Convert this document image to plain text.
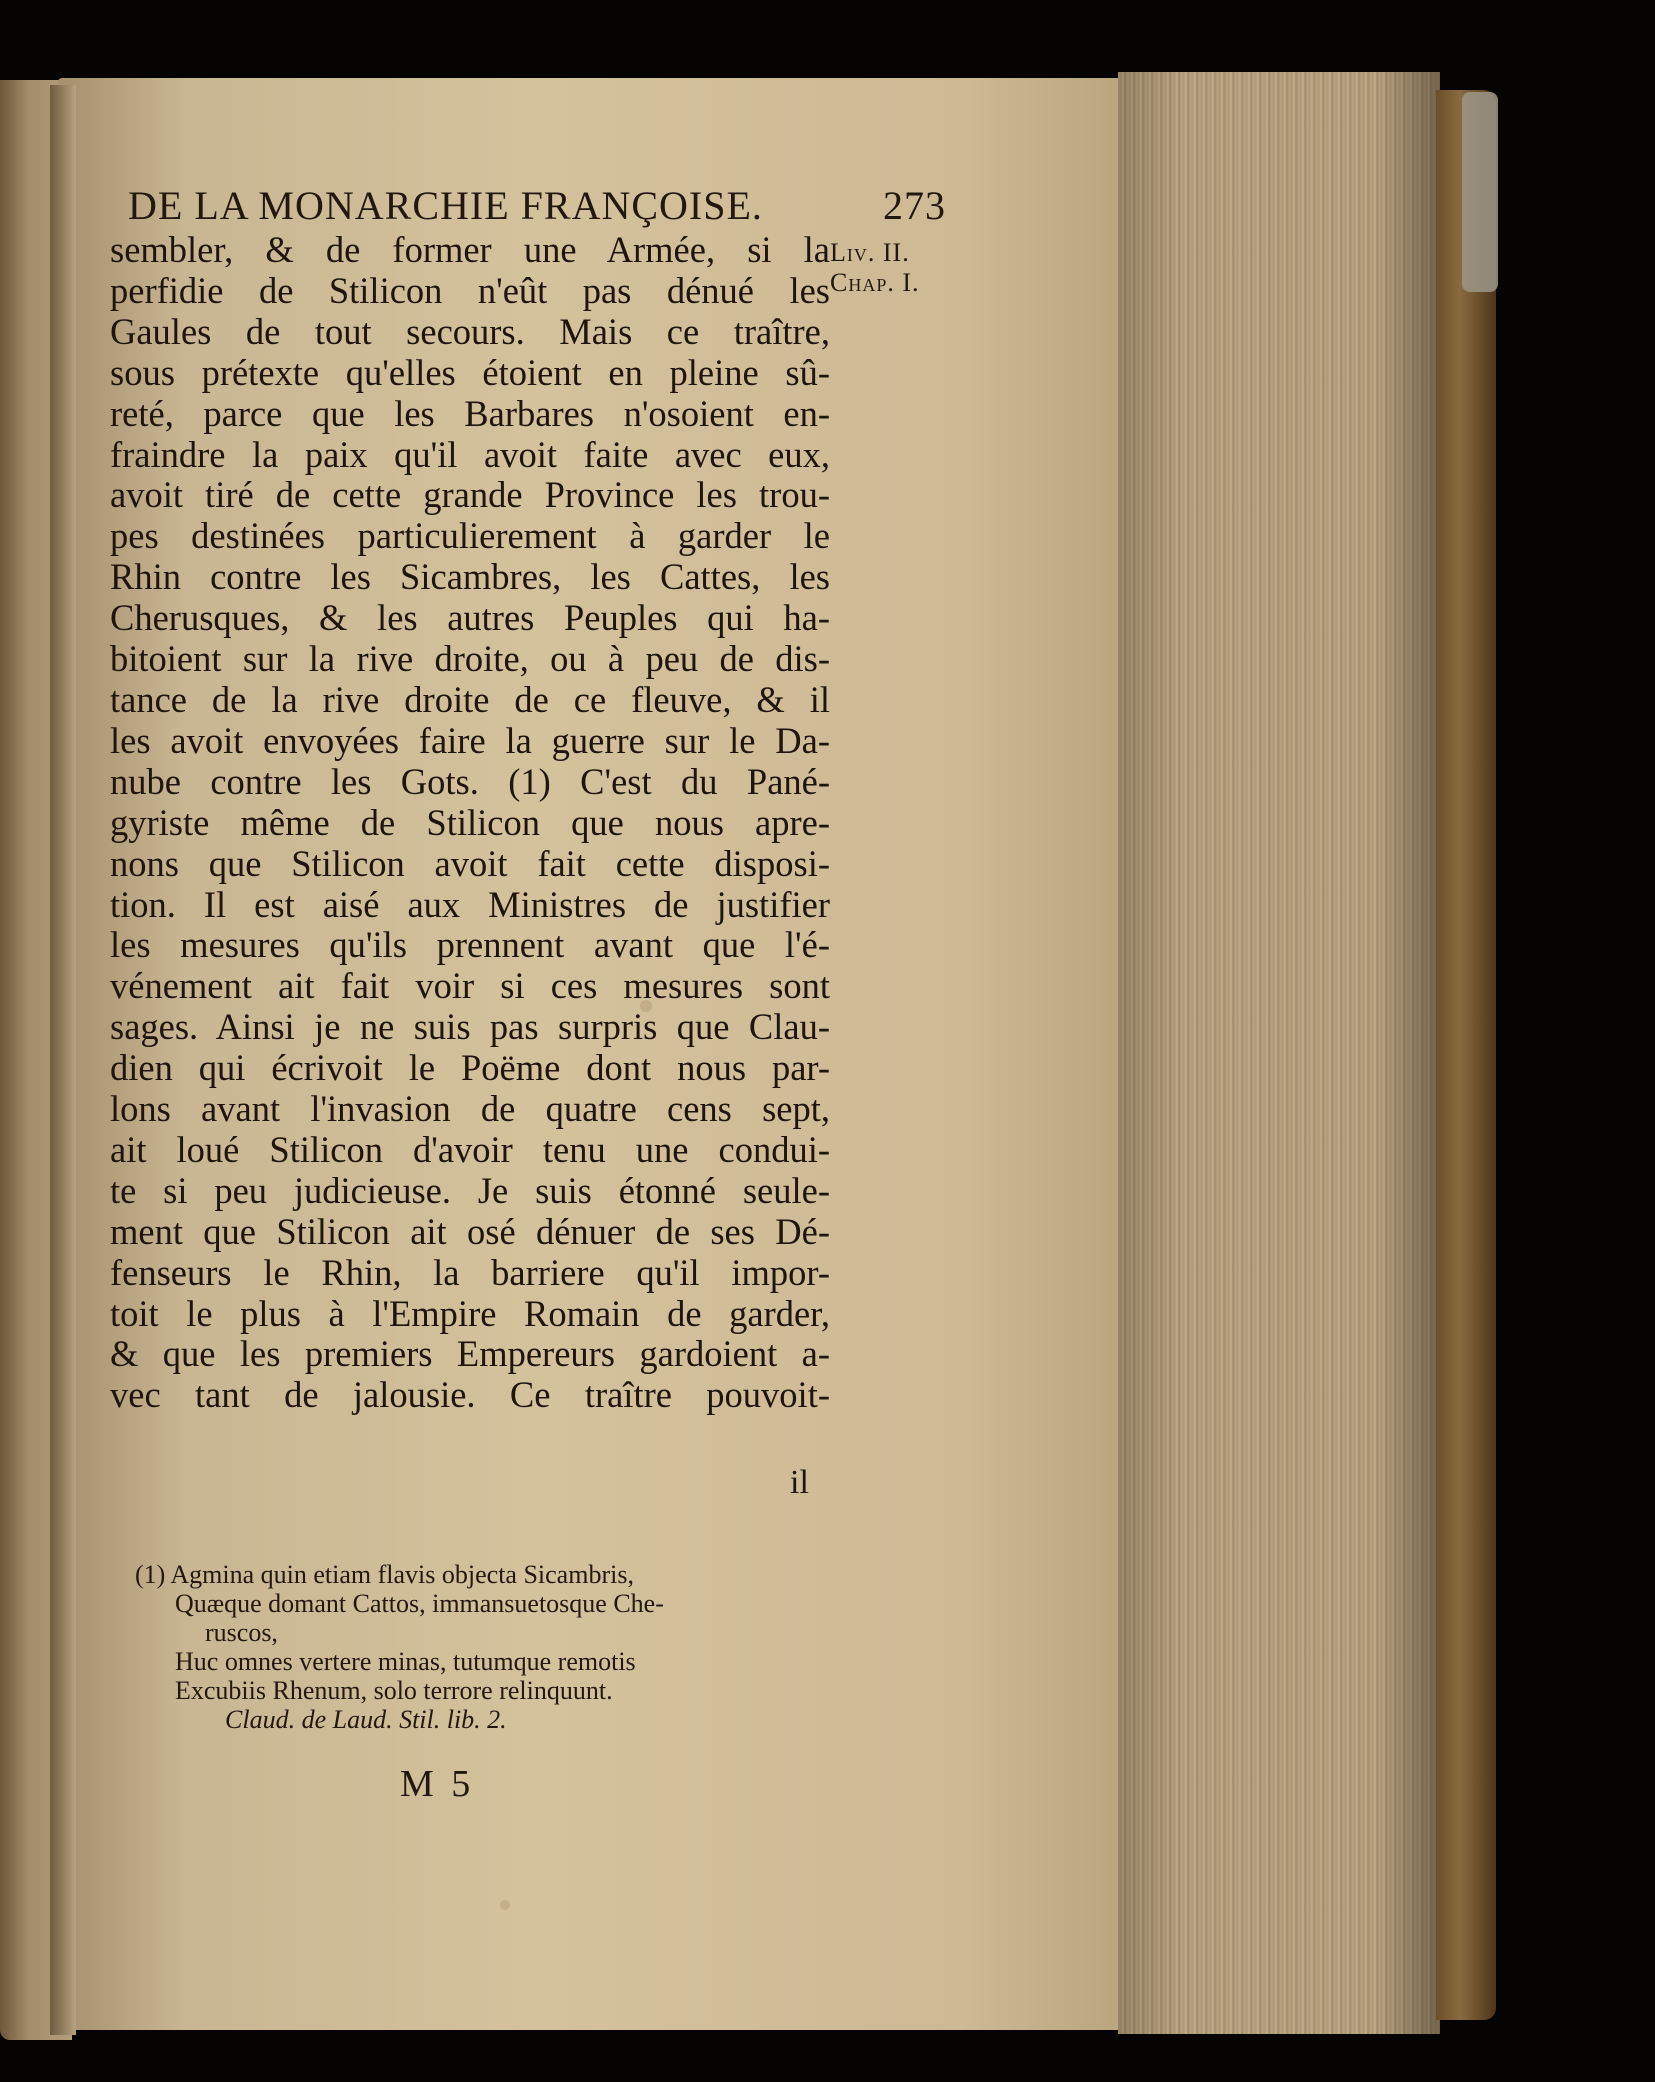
DE LA MONARCHIE FRANÇOISE.	273
Liv. II.
Chap. I.
sembler, & de former une Armée, si la
perfidie de Stilicon n'eût pas dénué les
Gaules de tout secours. Mais ce traître,
sous prétexte qu'elles étoient en pleine sû-
reté, parce que les Barbares n'osoient en-
fraindre la paix qu'il avoit faite avec eux,
avoit tiré de cette grande Province les trou-
pes destinées particulierement à garder le
Rhin contre les Sicambres, les Cattes, les
Cherusques, & les autres Peuples qui ha-
bitoient sur la rive droite, ou à peu de dis-
tance de la rive droite de ce fleuve, & il
les avoit envoyées faire la guerre sur le Da-
nube contre les Gots. (1) C'est du Pané-
gyriste même de Stilicon que nous apre-
nons que Stilicon avoit fait cette disposi-
tion. Il est aisé aux Ministres de justifier
les mesures qu'ils prennent avant que l'é-
vénement ait fait voir si ces mesures sont
sages. Ainsi je ne suis pas surpris que Clau-
dien qui écrivoit le Poëme dont nous par-
lons avant l'invasion de quatre cens sept,
ait loué Stilicon d'avoir tenu une condui-
te si peu judicieuse. Je suis étonné seule-
ment que Stilicon ait osé dénuer de ses Dé-
fenseurs le Rhin, la barriere qu'il impor-
toit le plus à l'Empire Romain de garder,
& que les premiers Empereurs gardoient a-
vec tant de jalousie. Ce traître pouvoit-
il
(1) Agmina quin etiam flavis objecta Sicambris,
Quæque domant Cattos, immansuetosque Che-
ruscos,
Huc omnes vertere minas, tutumque remotis
Excubiis Rhenum, solo terrore relinquunt.
Claud. de Laud. Stil. lib. 2.
M 5
